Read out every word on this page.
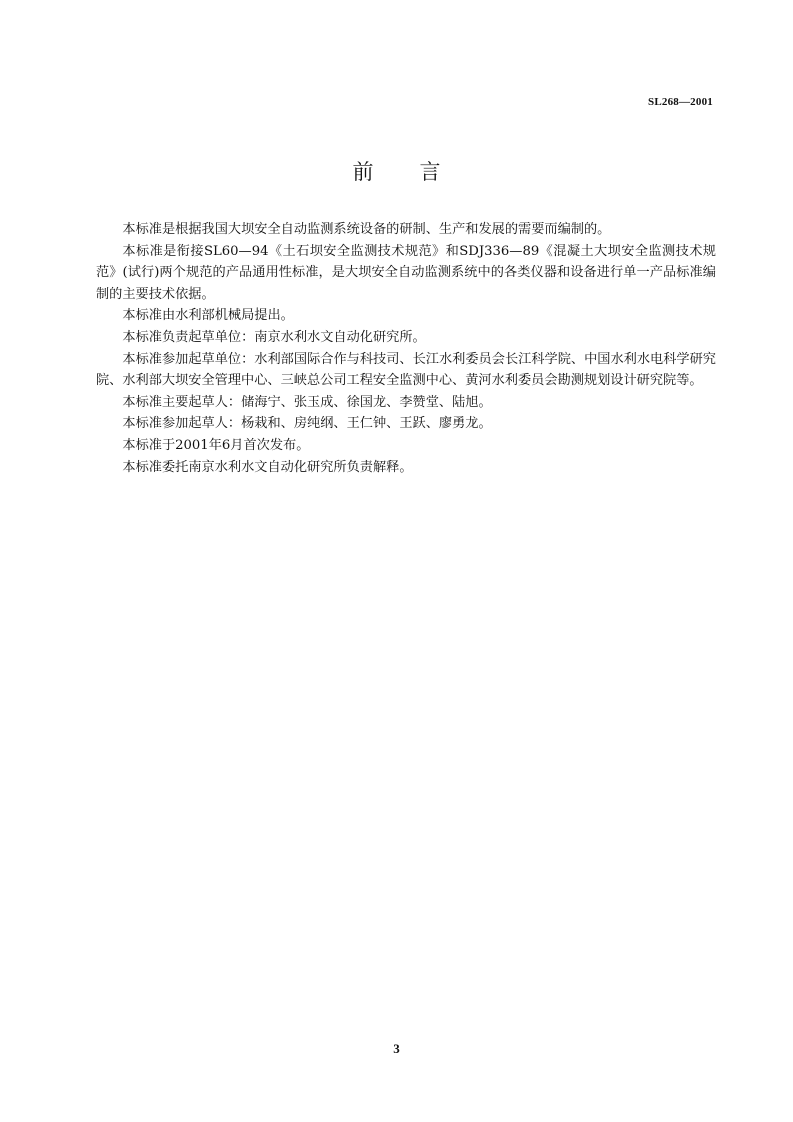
SL268—2001
前 言

本标准是根据我国大坝安全自动监测系统设备的研制、生产和发展的需要而编制的。

本标准是衔接SL60—94《土石坝安全监测技术规范》和SDJ336—89《混凝土大坝安全监测技术规范》(试行)两个规范的产品通用性标准，是大坝安全自动监测系统中的各类仪器和设备进行单一产品标准编制的主要技术依据。

本标准由水利部机械局提出。

本标准负责起草单位：南京水利水文自动化研究所。

本标准参加起草单位：水利部国际合作与科技司、长江水利委员会长江科学院、中国水利水电科学研究院、水利部大坝安全管理中心、三峡总公司工程安全监测中心、黄河水利委员会勘测规划设计研究院等。

本标准主要起草人：储海宁、张玉成、徐国龙、李赞堂、陆旭。

本标准参加起草人：杨栽和、房纯纲、王仁钟、王跃、廖勇龙。

本标准于2001年6月首次发布。

本标准委托南京水利水文自动化研究所负责解释。

3
